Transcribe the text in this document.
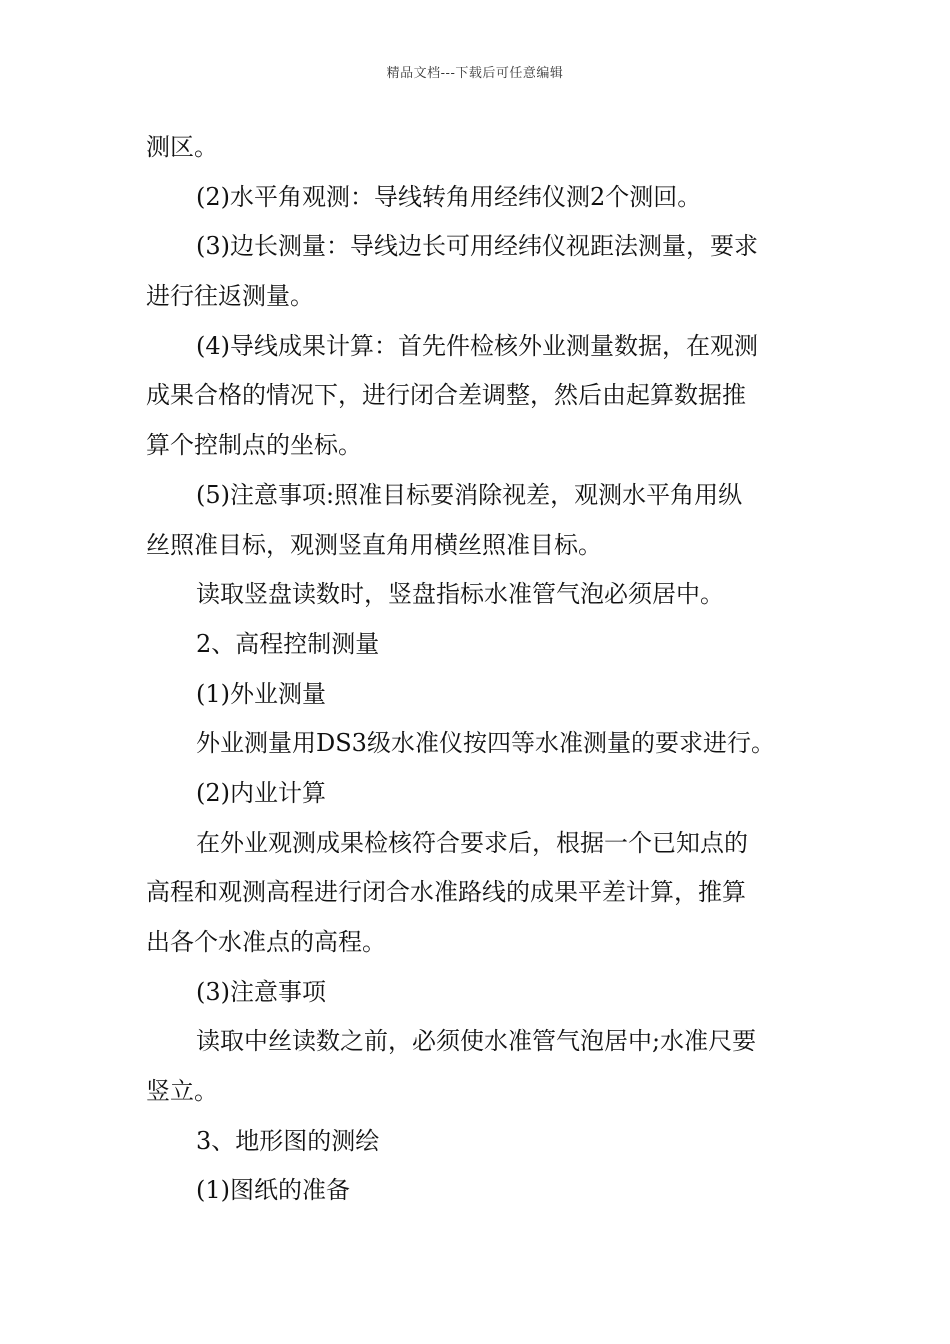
精品文档---下载后可任意编辑
测区。
(2)水平角观测：导线转角用经纬仪测2个测回。
(3)边长测量：导线边长可用经纬仪视距法测量，要求
进行往返测量。
(4)导线成果计算：首先件检核外业测量数据，在观测
成果合格的情况下，进行闭合差调整，然后由起算数据推
算个控制点的坐标。
(5)注意事项:照准目标要消除视差，观测水平角用纵
丝照准目标，观测竖直角用横丝照准目标。
读取竖盘读数时，竖盘指标水准管气泡必须居中。
2、高程控制测量
(1)外业测量
外业测量用DS3级水准仪按四等水准测量的要求进行。
(2)内业计算
在外业观测成果检核符合要求后，根据一个已知点的
高程和观测高程进行闭合水准路线的成果平差计算，推算
出各个水准点的高程。
(3)注意事项
读取中丝读数之前，必须使水准管气泡居中;水准尺要
竖立。
3、地形图的测绘
(1)图纸的准备
